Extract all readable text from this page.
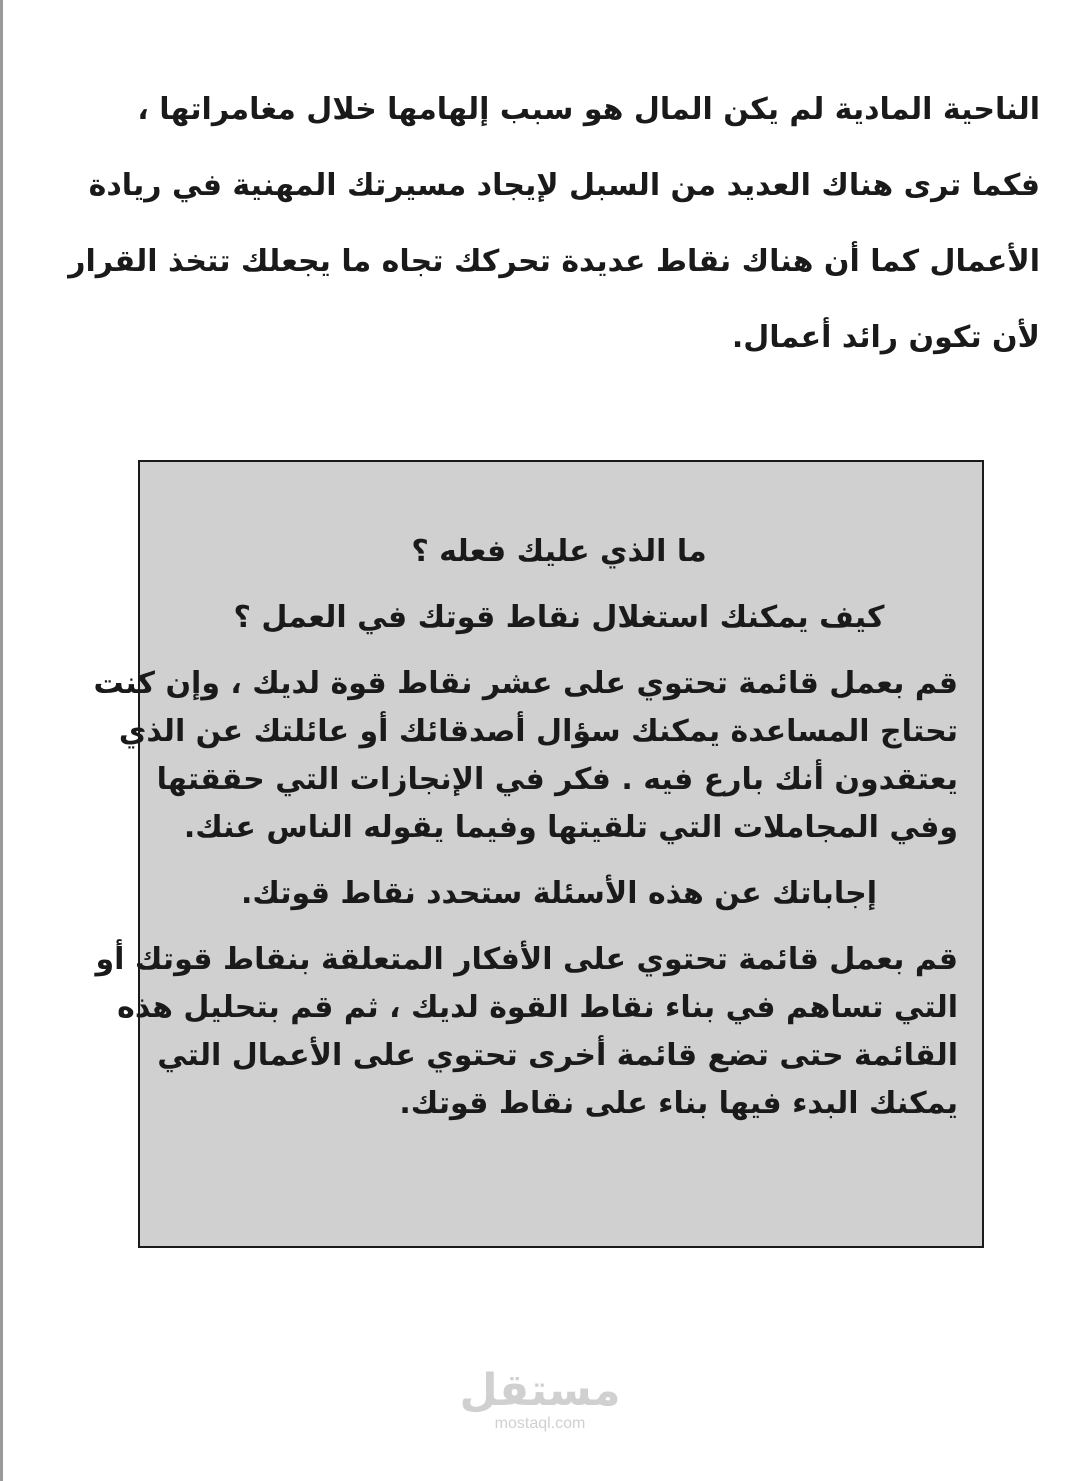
الناحية المادية لم يكن المال هو سبب إلهامها خلال مغامراتها ،
فكما ترى هناك العديد من السبل لإيجاد مسيرتك المهنية في ريادة
الأعمال كما أن هناك نقاط عديدة تحركك تجاه ما يجعلك تتخذ القرار
لأن تكون رائد أعمال.
ما الذي عليك فعله ؟
كيف يمكنك استغلال نقاط قوتك في العمل ؟
قم بعمل قائمة تحتوي على عشر نقاط قوة لديك ، وإن كنت
تحتاج المساعدة يمكنك سؤال أصدقائك أو عائلتك عن الذي
يعتقدون أنك بارع فيه . فكر في الإنجازات التي حققتها
وفي المجاملات التي تلقيتها وفيما يقوله الناس عنك.
إجاباتك عن هذه الأسئلة ستحدد نقاط قوتك.
قم بعمل قائمة تحتوي على الأفكار المتعلقة بنقاط قوتك أو
التي تساهم في بناء نقاط القوة لديك ، ثم قم بتحليل هذه
القائمة حتى تضع قائمة أخرى تحتوي على الأعمال التي
يمكنك البدء فيها بناء على نقاط قوتك.
مستقل
mostaql.com
